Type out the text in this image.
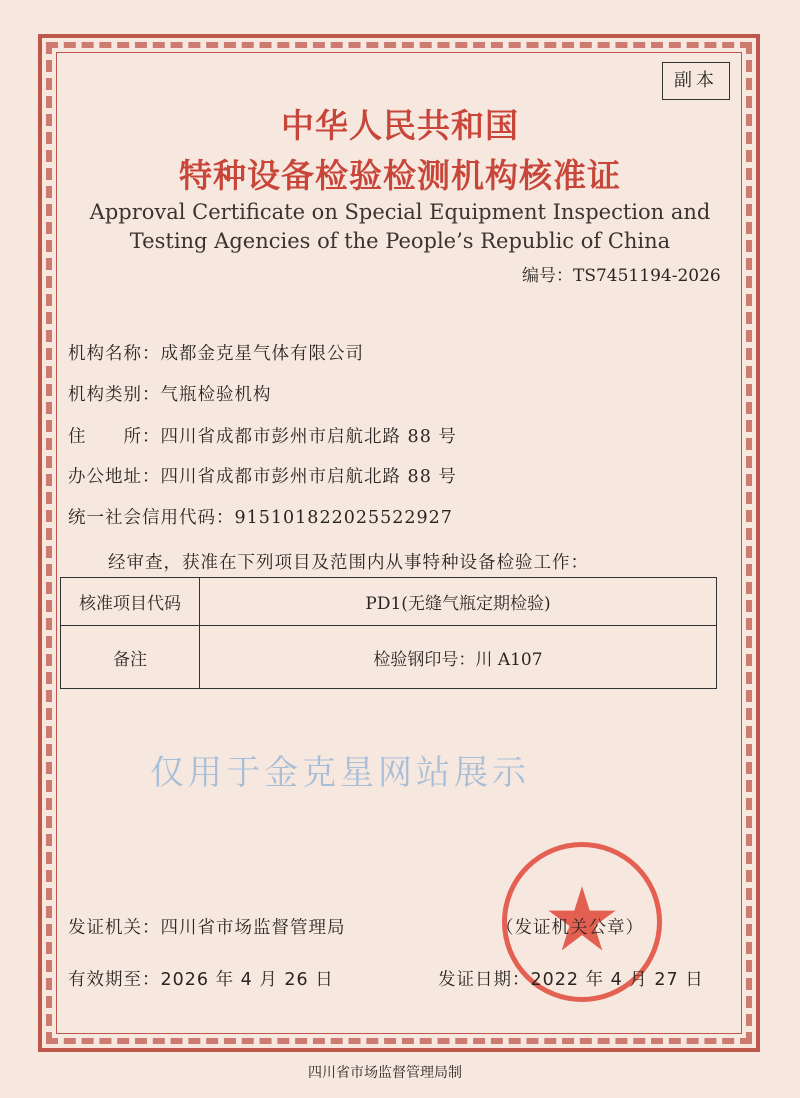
副本
中华人民共和国
特种设备检验检测机构核准证
Approval Certificate on Special Equipment Inspection and
Testing Agencies of the People’s Republic of China
编号：TS7451194-2026
机构名称：成都金克星气体有限公司
机构类别：气瓶检验机构
住　　所：四川省成都市彭州市启航北路 88 号
办公地址：四川省成都市彭州市启航北路 88 号
统一社会信用代码：915101822025522927
经审查，获准在下列项目及范围内从事特种设备检验工作：
核准项目代码	PD1(无缝气瓶定期检验)
备注	检验钢印号：川 A107
仅用于金克星网站展示
发证机关：四川省市场监督管理局	（发证机关公章）
有效期至：2026 年 4 月 26 日	发证日期：2022 年 4 月 27 日
四川省市场监督管理局制
